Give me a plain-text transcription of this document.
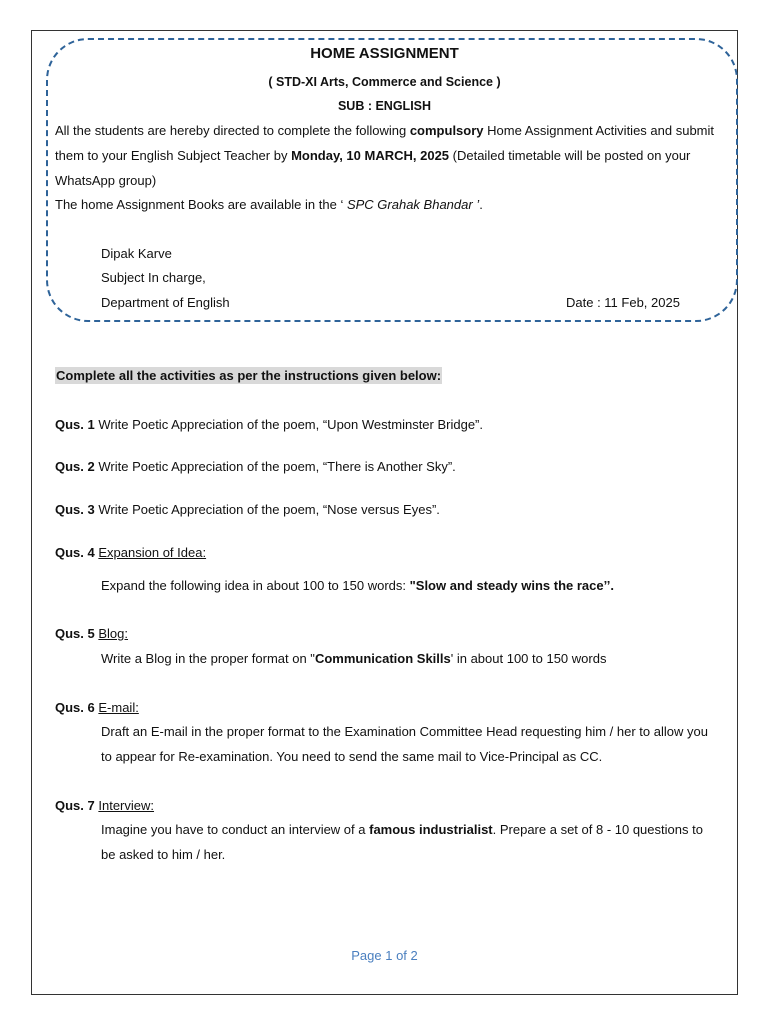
HOME ASSIGNMENT
( STD-XI Arts, Commerce and Science )
SUB : ENGLISH
All the students are hereby directed to complete the following compulsory Home Assignment Activities and submit
them to your English Subject Teacher by Monday, 10 MARCH, 2025 (Detailed timetable will be posted on your
WhatsApp group)
The home Assignment Books are available in the ‘ SPC Grahak Bhandar ’.
Dipak Karve
Subject In charge,
Department of English	Date : 11 Feb, 2025
Complete all the activities as per the instructions given below:
Qus. 1 Write Poetic Appreciation of the poem, “Upon Westminster Bridge”.
Qus. 2 Write Poetic Appreciation of the poem, “There is Another Sky”.
Qus. 3 Write Poetic Appreciation of the poem, “Nose versus Eyes”.
Qus. 4 Expansion of Idea:
Expand the following idea in about 100 to 150 words: "Slow and steady wins the race’’.
Qus. 5 Blog:
Write a Blog in the proper format on "Communication Skills' in about 100 to 150 words
Qus. 6 E-mail:
Draft an E-mail in the proper format to the Examination Committee Head requesting him / her to allow you
to appear for Re-examination. You need to send the same mail to Vice-Principal as CC.
Qus. 7 Interview:
Imagine you have to conduct an interview of a famous industrialist. Prepare a set of 8 - 10 questions to
be asked to him / her.
Page 1 of 2
